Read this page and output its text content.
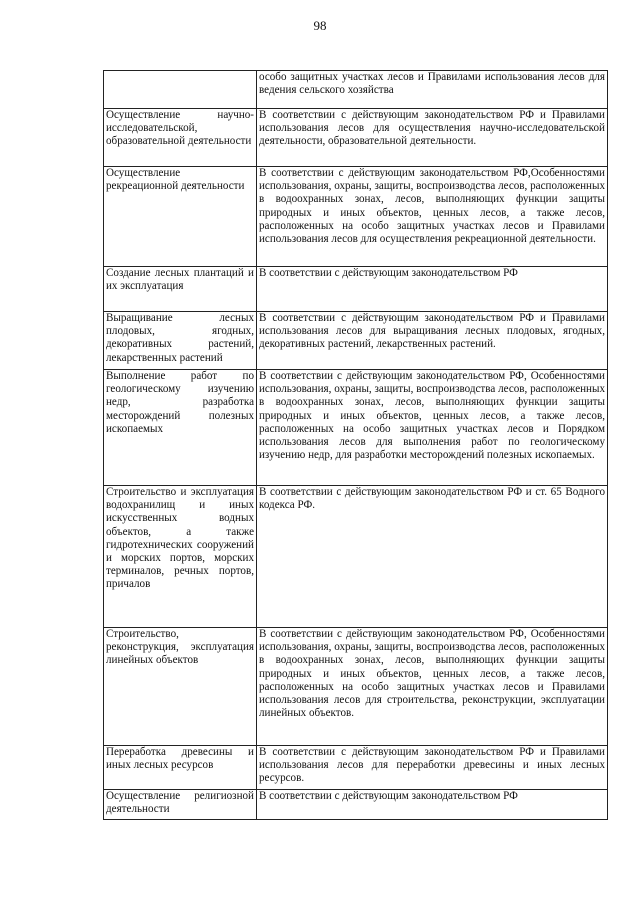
98
	особо защитных участках лесов и Правилами использования лесов для ведения сельского хозяйства
Осуществление научно-исследовательской, образовательной деятельности	В соответствии с действующим законодательством РФ и Правилами использования лесов для осуществления научно-исследовательской деятельности, образовательной деятельности.
Осуществление рекреационной деятельности	В соответствии с действующим законодательством РФ,Особенностями использования, охраны, защиты, воспроизводства лесов, расположенных в водоохранных зонах, лесов, выполняющих функции защиты природных и иных объектов, ценных лесов, а также лесов, расположенных на особо защитных участках лесов и Правилами использования лесов для осуществления рекреационной деятельности.
Создание лесных плантаций и их эксплуатация	В соответствии с действующим законодательством РФ
Выращивание лесных плодовых, ягодных, декоративных растений, лекарственных растений	В соответствии с действующим законодательством РФ и Правилами использования лесов для выращивания лесных плодовых, ягодных, декоративных растений, лекарственных растений.
Выполнение работ по геологическому изучению недр, разработка месторождений полезных ископаемых	В соответствии с действующим законодательством РФ, Особенностями использования, охраны, защиты, воспроизводства лесов, расположенных в водоохранных зонах, лесов, выполняющих функции защиты природных и иных объектов, ценных лесов, а также лесов, расположенных на особо защитных участках лесов и Порядком использования лесов для выполнения работ по геологическому изучению недр, для разработки месторождений полезных ископаемых.
Строительство и эксплуатация водохранилищ и иных искусственных водных объектов, а также гидротехнических сооружений и морских портов, морских терминалов, речных портов, причалов	В соответствии с действующим законодательством РФ и ст. 65 Водного кодекса РФ.
Строительство, реконструкция, эксплуатация линейных объектов	В соответствии с действующим законодательством РФ, Особенностями использования, охраны, защиты, воспроизводства лесов, расположенных в водоохранных зонах, лесов, выполняющих функции защиты природных и иных объектов, ценных лесов, а также лесов, расположенных на особо защитных участках лесов и Правилами использования лесов для строительства, реконструкции, эксплуатации линейных объектов.
Переработка древесины и иных лесных ресурсов	В соответствии с действующим законодательством РФ и Правилами использования лесов для переработки древесины и иных лесных ресурсов.
Осуществление религиозной деятельности	В соответствии с действующим законодательством РФ
